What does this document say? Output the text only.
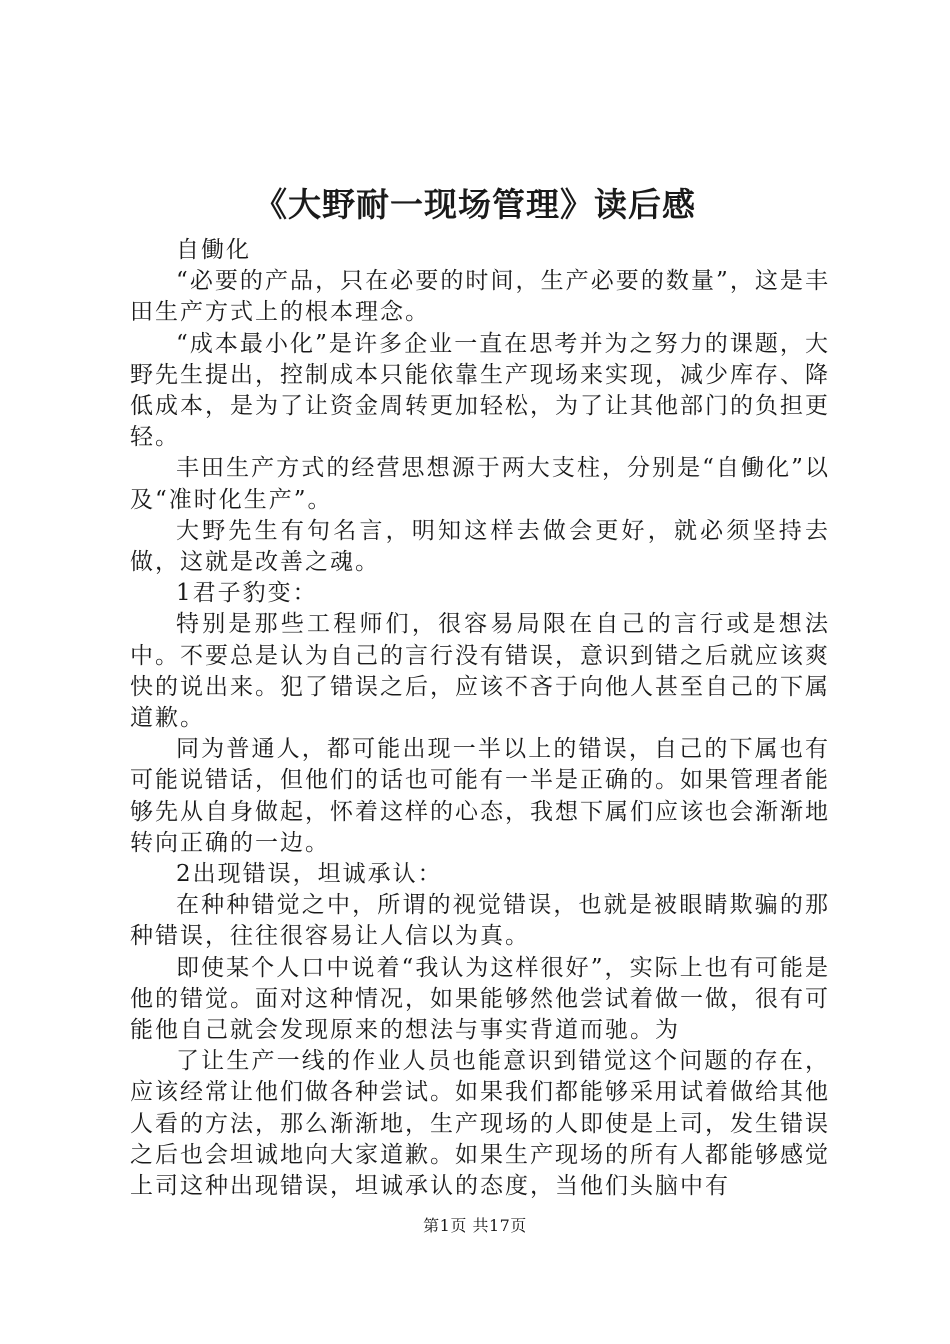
《大野耐一现场管理》读后感

自働化

“必要的产品，只在必要的时间，生产必要的数量”，这是丰田生产方式上的根本理念。

“成本最小化”是许多企业一直在思考并为之努力的课题，大野先生提出，控制成本只能依靠生产现场来实现，减少库存、降低成本，是为了让资金周转更加轻松，为了让其他部门的负担更轻。

丰田生产方式的经营思想源于两大支柱，分别是“自働化”以及“准时化生产”。

大野先生有句名言，明知这样去做会更好，就必须坚持去做，这就是改善之魂。

1君子豹变：

特别是那些工程师们，很容易局限在自己的言行或是想法中。不要总是认为自己的言行没有错误，意识到错之后就应该爽快的说出来。犯了错误之后，应该不吝于向他人甚至自己的下属道歉。

同为普通人，都可能出现一半以上的错误，自己的下属也有可能说错话，但他们的话也可能有一半是正确的。如果管理者能够先从自身做起，怀着这样的心态，我想下属们应该也会渐渐地转向正确的一边。

2出现错误，坦诚承认：

在种种错觉之中，所谓的视觉错误，也就是被眼睛欺骗的那种错误，往往很容易让人信以为真。

即使某个人口中说着“我认为这样很好”，实际上也有可能是他的错觉。面对这种情况，如果能够然他尝试着做一做，很有可能他自己就会发现原来的想法与事实背道而驰。为

了让生产一线的作业人员也能意识到错觉这个问题的存在，应该经常让他们做各种尝试。如果我们都能够采用试着做给其他人看的方法，那么渐渐地，生产现场的人即使是上司，发生错误之后也会坦诚地向大家道歉。如果生产现场的所有人都能够感觉上司这种出现错误，坦诚承认的态度，当他们头脑中有

第1页 共17页
